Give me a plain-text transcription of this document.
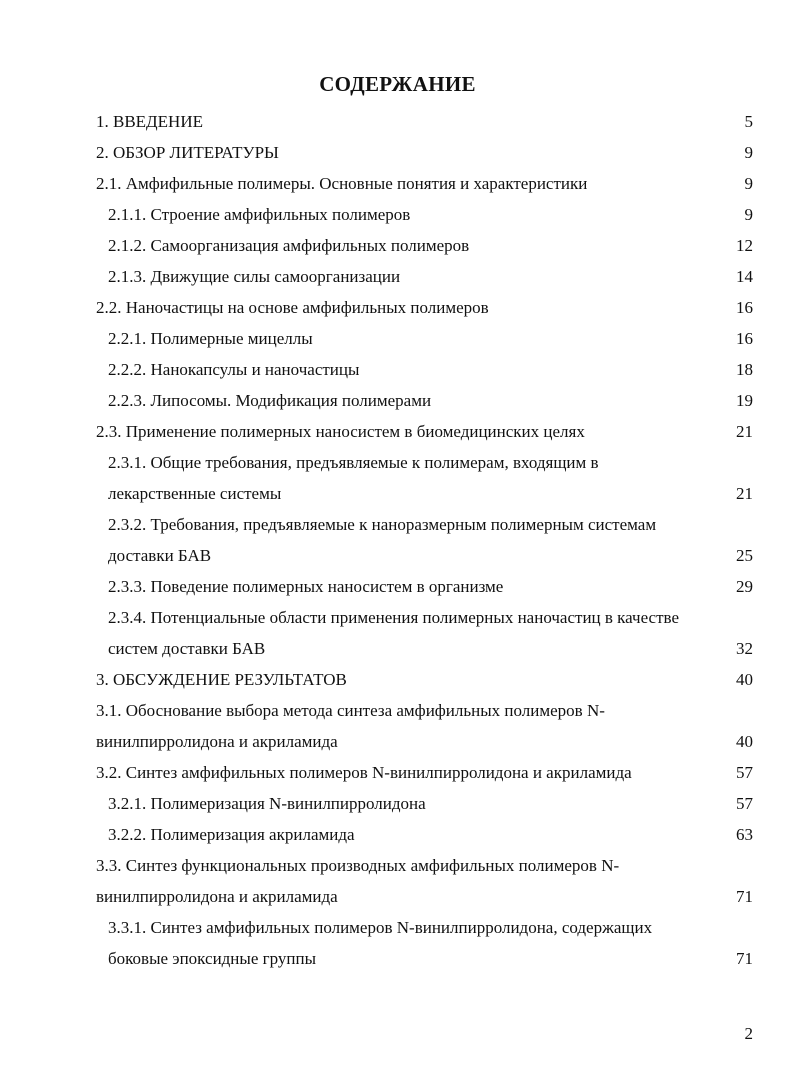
СОДЕРЖАНИЕ
1. ВВЕДЕНИЕ	5
2. ОБЗОР ЛИТЕРАТУРЫ	9
2.1. Амфифильные полимеры. Основные понятия и характеристики	9
2.1.1. Строение амфифильных полимеров	9
2.1.2. Самоорганизация амфифильных полимеров	12
2.1.3. Движущие силы самоорганизации	14
2.2. Наночастицы на основе амфифильных полимеров	16
2.2.1. Полимерные мицеллы	16
2.2.2. Нанокапсулы и наночастицы	18
2.2.3. Липосомы. Модификация полимерами	19
2.3. Применение полимерных наносистем в биомедицинских целях	21
2.3.1. Общие требования, предъявляемые к полимерам, входящим в
лекарственные системы	21
2.3.2. Требования, предъявляемые к наноразмерным полимерным системам
доставки БАВ	25
2.3.3. Поведение полимерных наносистем в организме	29
2.3.4. Потенциальные области применения полимерных наночастиц в качестве
систем доставки БАВ	32
3. ОБСУЖДЕНИЕ РЕЗУЛЬТАТОВ	40
3.1. Обоснование выбора метода синтеза амфифильных полимеров N-
винилпирролидона и акриламида	40
3.2. Синтез амфифильных полимеров N-винилпирролидона и акриламида	57
3.2.1. Полимеризация N-винилпирролидона	57
3.2.2. Полимеризация акриламида	63
3.3. Синтез функциональных производных амфифильных полимеров N-
винилпирролидона и акриламида	71
3.3.1. Синтез амфифильных полимеров N-винилпирролидона, содержащих
боковые эпоксидные группы	71
2
